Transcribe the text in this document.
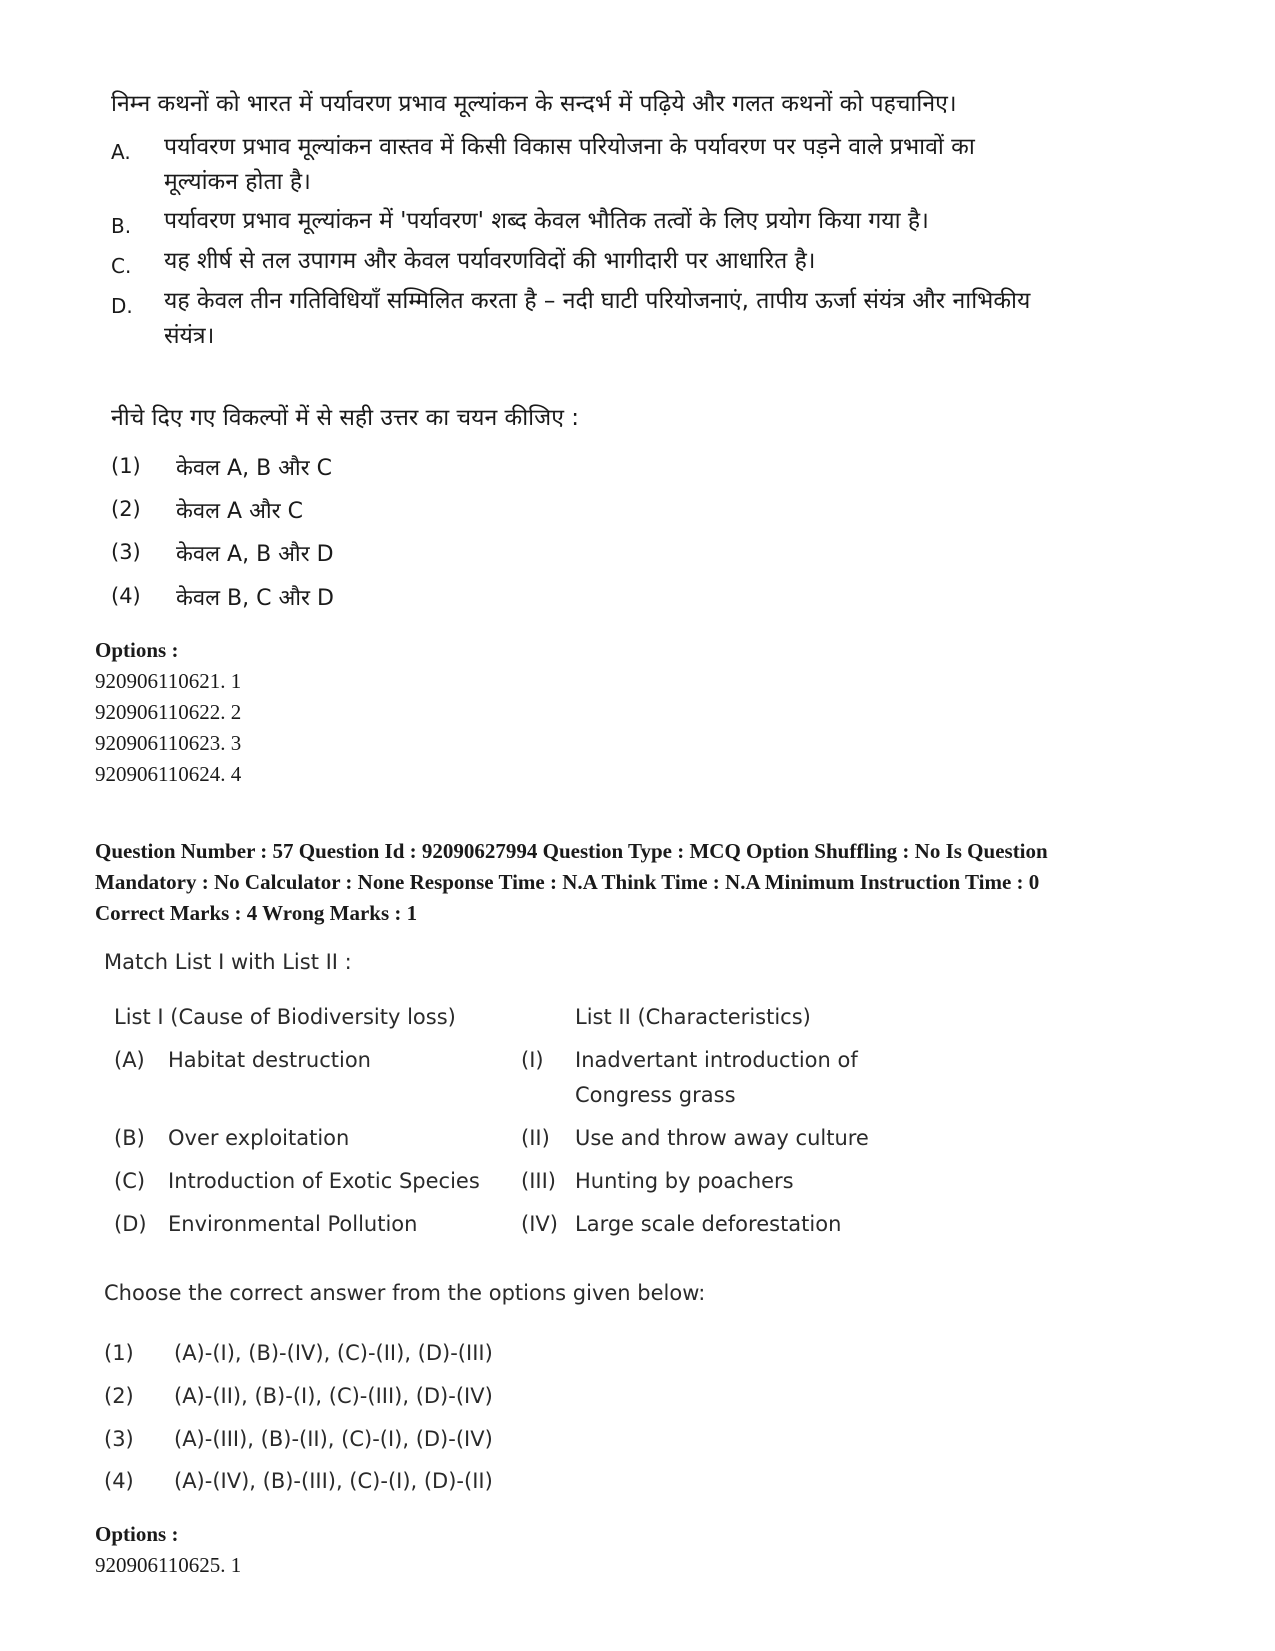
निम्न कथनों को भारत में पर्यावरण प्रभाव मूल्यांकन के सन्दर्भ में पढ़िये और गलत कथनों को पहचानिए।
A. पर्यावरण प्रभाव मूल्यांकन वास्तव में किसी विकास परियोजना के पर्यावरण पर पड़ने वाले प्रभावों का मूल्यांकन होता है।
B. पर्यावरण प्रभाव मूल्यांकन में 'पर्यावरण' शब्द केवल भौतिक तत्वों के लिए प्रयोग किया गया है।
C. यह शीर्ष से तल उपागम और केवल पर्यावरणविदों की भागीदारी पर आधारित है।
D. यह केवल तीन गतिविधियाँ सम्मिलित करता है – नदी घाटी परियोजनाएं, तापीय ऊर्जा संयंत्र और नाभिकीय संयंत्र।
नीचे दिए गए विकल्पों में से सही उत्तर का चयन कीजिए :
(1) केवल A, B और C
(2) केवल A और C
(3) केवल A, B और D
(4) केवल B, C और D
Options :
920906110621. 1
920906110622. 2
920906110623. 3
920906110624. 4
Question Number : 57 Question Id : 92090627994 Question Type : MCQ Option Shuffling : No Is Question
Mandatory : No Calculator : None Response Time : N.A Think Time : N.A Minimum Instruction Time : 0
Correct Marks : 4 Wrong Marks : 1
Match List I with List II :
List I (Cause of Biodiversity loss)	List II (Characteristics)
(A) Habitat destruction	(I) Inadvertant introduction of
Congress grass
(B) Over exploitation	(II) Use and throw away culture
(C) Introduction of Exotic Species (III) Hunting by poachers
(D) Environmental Pollution	(IV) Large scale deforestation
Choose the correct answer from the options given below:
(1) (A)-(I), (B)-(IV), (C)-(II), (D)-(III)
(2) (A)-(II), (B)-(I), (C)-(III), (D)-(IV)
(3) (A)-(III), (B)-(II), (C)-(I), (D)-(IV)
(4) (A)-(IV), (B)-(III), (C)-(I), (D)-(II)
Options :
920906110625. 1
